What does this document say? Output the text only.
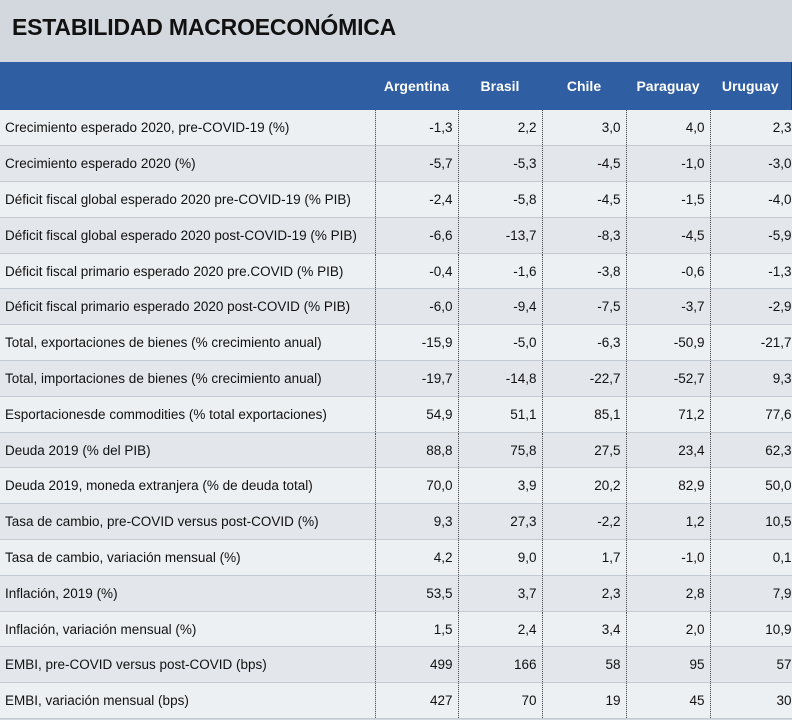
ESTABILIDAD MACROECONÓMICA
	Argentina	Brasil	Chile	Paraguay	Uruguay
Crecimiento esperado 2020, pre-COVID-19 (%)	-1,3	2,2	3,0	4,0	2,3
Crecimiento esperado 2020 (%)	-5,7	-5,3	-4,5	-1,0	-3,0
Déficit fiscal global esperado 2020 pre-COVID-19 (% PIB)	-2,4	-5,8	-4,5	-1,5	-4,0
Déficit fiscal global esperado 2020 post-COVID-19 (% PIB)	-6,6	-13,7	-8,3	-4,5	-5,9
Déficit fiscal primario esperado 2020 pre.COVID (% PIB)	-0,4	-1,6	-3,8	-0,6	-1,3
Déficit fiscal primario esperado 2020 post-COVID (% PIB)	-6,0	-9,4	-7,5	-3,7	-2,9
Total, exportaciones de bienes (% crecimiento anual)	-15,9	-5,0	-6,3	-50,9	-21,7
Total, importaciones de bienes (% crecimiento anual)	-19,7	-14,8	-22,7	-52,7	9,3
Esportacionesde commodities (% total exportaciones)	54,9	51,1	85,1	71,2	77,6
Deuda 2019 (% del PIB)	88,8	75,8	27,5	23,4	62,3
Deuda 2019, moneda extranjera (% de deuda total)	70,0	3,9	20,2	82,9	50,0
Tasa de cambio, pre-COVID versus post-COVID (%)	9,3	27,3	-2,2	1,2	10,5
Tasa de cambio, variación mensual (%)	4,2	9,0	1,7	-1,0	0,1
Inflación, 2019 (%)	53,5	3,7	2,3	2,8	7,9
Inflación, variación mensual (%)	1,5	2,4	3,4	2,0	10,9
EMBI, pre-COVID versus post-COVID (bps)	499	166	58	95	57
EMBI, variación mensual (bps)	427	70	19	45	30
